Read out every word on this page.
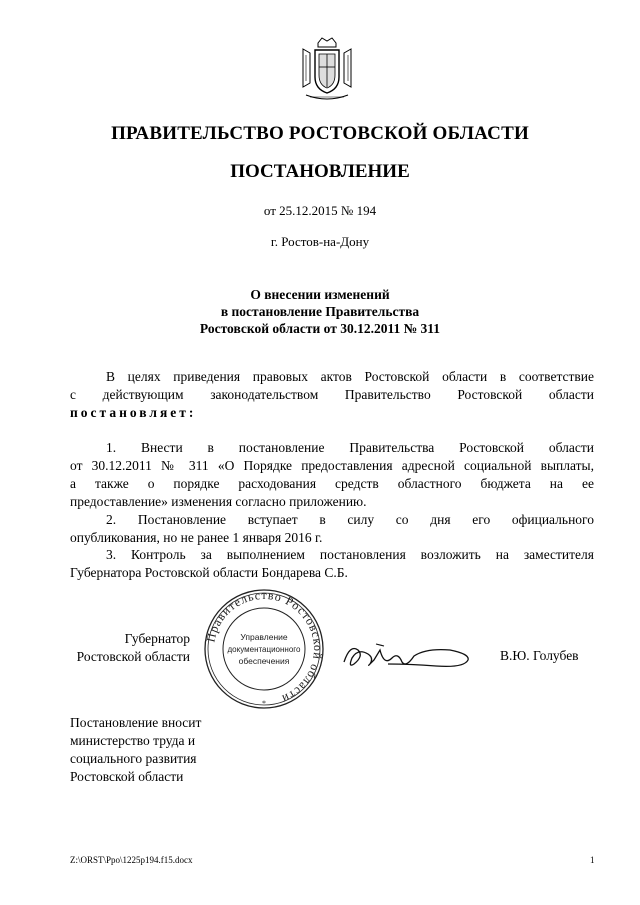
ПРАВИТЕЛЬСТВО РОСТОВСКОЙ ОБЛАСТИ
ПОСТАНОВЛЕНИЕ
от 25.12.2015 № 194
г. Ростов-на-Дону
О внесении изменений
в постановление Правительства
Ростовской области от 30.12.2011 № 311
В целях приведения правовых актов Ростовской области в соответствие
с действующим законодательством Правительство Ростовской области
постановляет:
1. Внести в постановление Правительства Ростовской области
от 30.12.2011 № 311 «О Порядке предоставления адресной социальной выплаты,
а также о порядке расходования средств областного бюджета на ее
предоставление» изменения согласно приложению.
2. Постановление вступает в силу со дня его официального
опубликования, но не ранее 1 января 2016 г.
3. Контроль за выполнением постановления возложить на заместителя
Губернатора Ростовской области Бондарева С.Б.
Правительство Ростовской области
*
Управление
документационного
обеспечения
Губернатор
Ростовской области	В.Ю. Голубев
Постановление вносит
министерство труда и
социального развития
Ростовской области
Z:\ORST\Ppo\1225p194.f15.docx	1
